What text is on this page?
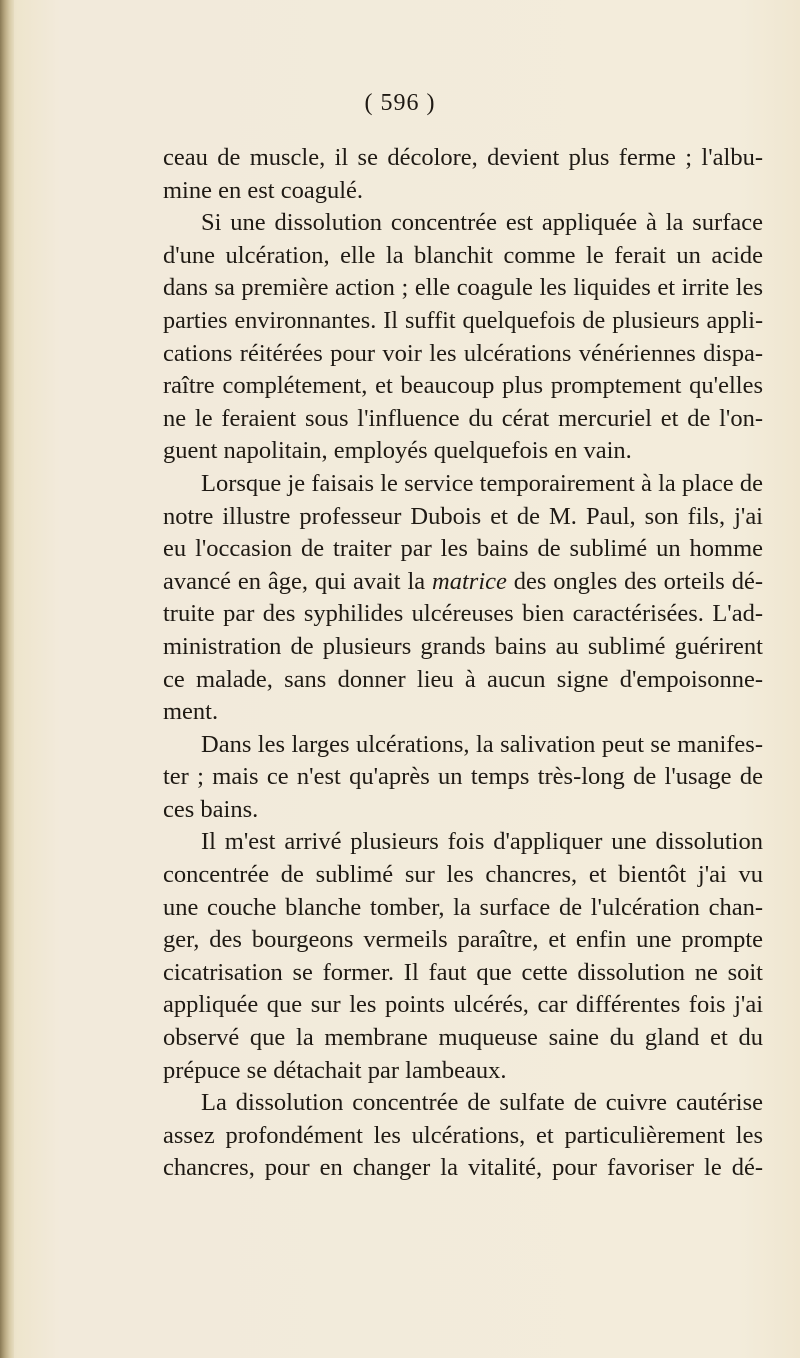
( 596 )
ceau de muscle, il se décolore, devient plus ferme ; l'albu-
mine en est coagulé.
Si une dissolution concentrée est appliquée à la surface
d'une ulcération, elle la blanchit comme le ferait un acide
dans sa première action ; elle coagule les liquides et irrite les
parties environnantes. Il suffit quelquefois de plusieurs appli-
cations réitérées pour voir les ulcérations vénériennes dispa-
raître complétement, et beaucoup plus promptement qu'elles
ne le feraient sous l'influence du cérat mercuriel et de l'on-
guent napolitain, employés quelquefois en vain.
Lorsque je faisais le service temporairement à la place de
notre illustre professeur Dubois et de M. Paul, son fils, j'ai
eu l'occasion de traiter par les bains de sublimé un homme
avancé en âge, qui avait la matrice des ongles des orteils dé-
truite par des syphilides ulcéreuses bien caractérisées. L'ad-
ministration de plusieurs grands bains au sublimé guérirent
ce malade, sans donner lieu à aucun signe d'empoisonne-
ment.
Dans les larges ulcérations, la salivation peut se manifes-
ter ; mais ce n'est qu'après un temps très-long de l'usage de
ces bains.
Il m'est arrivé plusieurs fois d'appliquer une dissolution
concentrée de sublimé sur les chancres, et bientôt j'ai vu
une couche blanche tomber, la surface de l'ulcération chan-
ger, des bourgeons vermeils paraître, et enfin une prompte
cicatrisation se former. Il faut que cette dissolution ne soit
appliquée que sur les points ulcérés, car différentes fois j'ai
observé que la membrane muqueuse saine du gland et du
prépuce se détachait par lambeaux.
La dissolution concentrée de sulfate de cuivre cautérise
assez profondément les ulcérations, et particulièrement les
chancres, pour en changer la vitalité, pour favoriser le dé-
